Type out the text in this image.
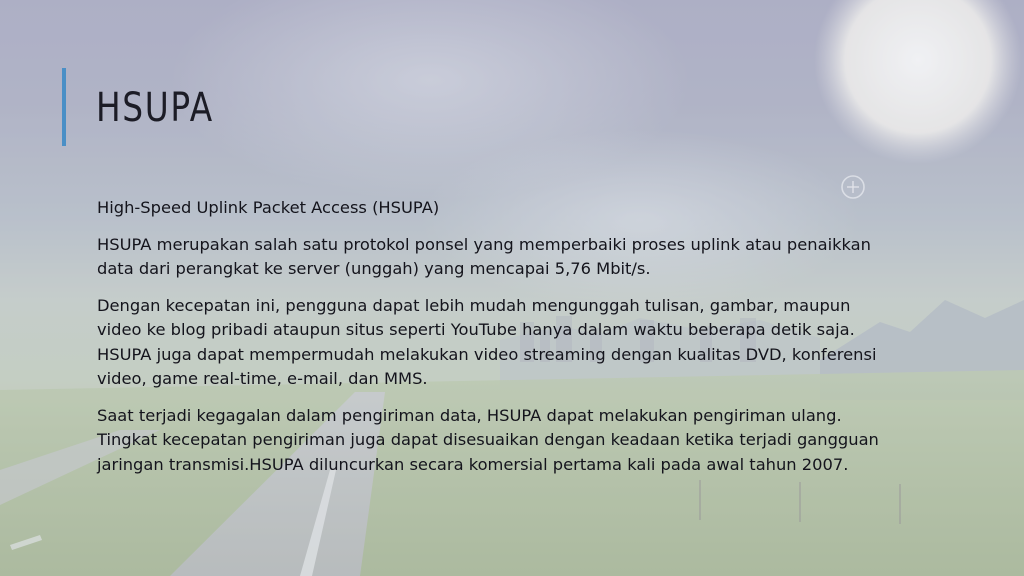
HSUPA

High-Speed Uplink Packet Access (HSUPA)

HSUPA merupakan salah satu protokol ponsel yang memperbaiki proses uplink atau penaikkan data dari perangkat ke server (unggah) yang mencapai 5,76 Mbit/s.

Dengan kecepatan ini, pengguna dapat lebih mudah mengunggah tulisan, gambar, maupun video ke blog pribadi ataupun situs seperti YouTube hanya dalam waktu beberapa detik saja. HSUPA juga dapat mempermudah melakukan video streaming dengan kualitas DVD, konferensi video, game real-time, e-mail, dan MMS.

Saat terjadi kegagalan dalam pengiriman data, HSUPA dapat melakukan pengiriman ulang. Tingkat kecepatan pengiriman juga dapat disesuaikan dengan keadaan ketika terjadi gangguan jaringan transmisi.HSUPA diluncurkan secara komersial pertama kali pada awal tahun 2007.
